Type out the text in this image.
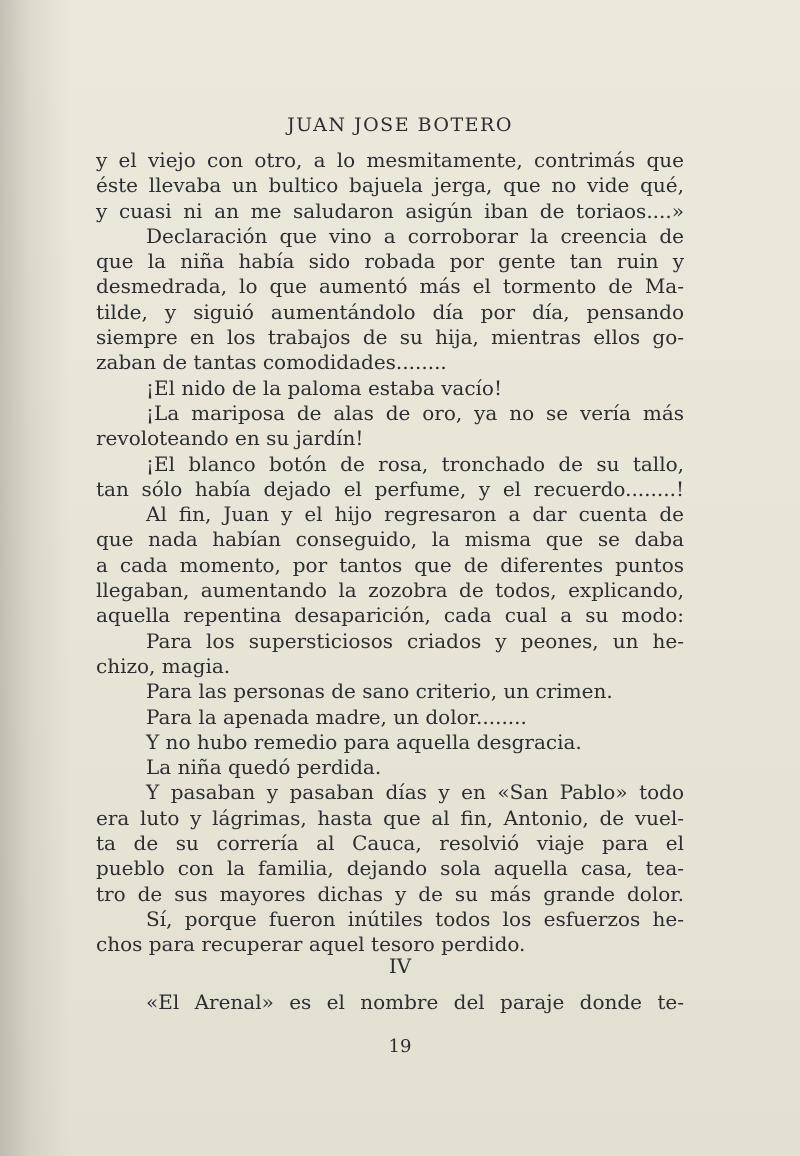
JUAN JOSE BOTERO
y el viejo con otro, a lo mesmitamente, contrimás que
éste llevaba un bultico bajuela jerga, que no vide qué,
y cuasi ni an me saludaron asigún iban de toriaos....»
Declaración que vino a corroborar la creencia de
que la niña había sido robada por gente tan ruin y
desmedrada, lo que aumentó más el tormento de Ma-
tilde, y siguió aumentándolo día por día, pensando
siempre en los trabajos de su hija, mientras ellos go-
zaban de tantas comodidades........
¡El nido de la paloma estaba vacío!
¡La mariposa de alas de oro, ya no se vería más
revoloteando en su jardín!
¡El blanco botón de rosa, tronchado de su tallo,
tan sólo había dejado el perfume, y el recuerdo........!
Al fin, Juan y el hijo regresaron a dar cuenta de
que nada habían conseguido, la misma que se daba
a cada momento, por tantos que de diferentes puntos
llegaban, aumentando la zozobra de todos, explicando,
aquella repentina desaparición, cada cual a su modo:
Para los supersticiosos criados y peones, un he-
chizo, magia.
Para las personas de sano criterio, un crimen.
Para la apenada madre, un dolor........
Y no hubo remedio para aquella desgracia.
La niña quedó perdida.
Y pasaban y pasaban días y en «San Pablo» todo
era luto y lágrimas, hasta que al fin, Antonio, de vuel-
ta de su correría al Cauca, resolvió viaje para el
pueblo con la familia, dejando sola aquella casa, tea-
tro de sus mayores dichas y de su más grande dolor.
Sí, porque fueron inútiles todos los esfuerzos he-
chos para recuperar aquel tesoro perdido.
IV
«El Arenal» es el nombre del paraje donde te-
19
